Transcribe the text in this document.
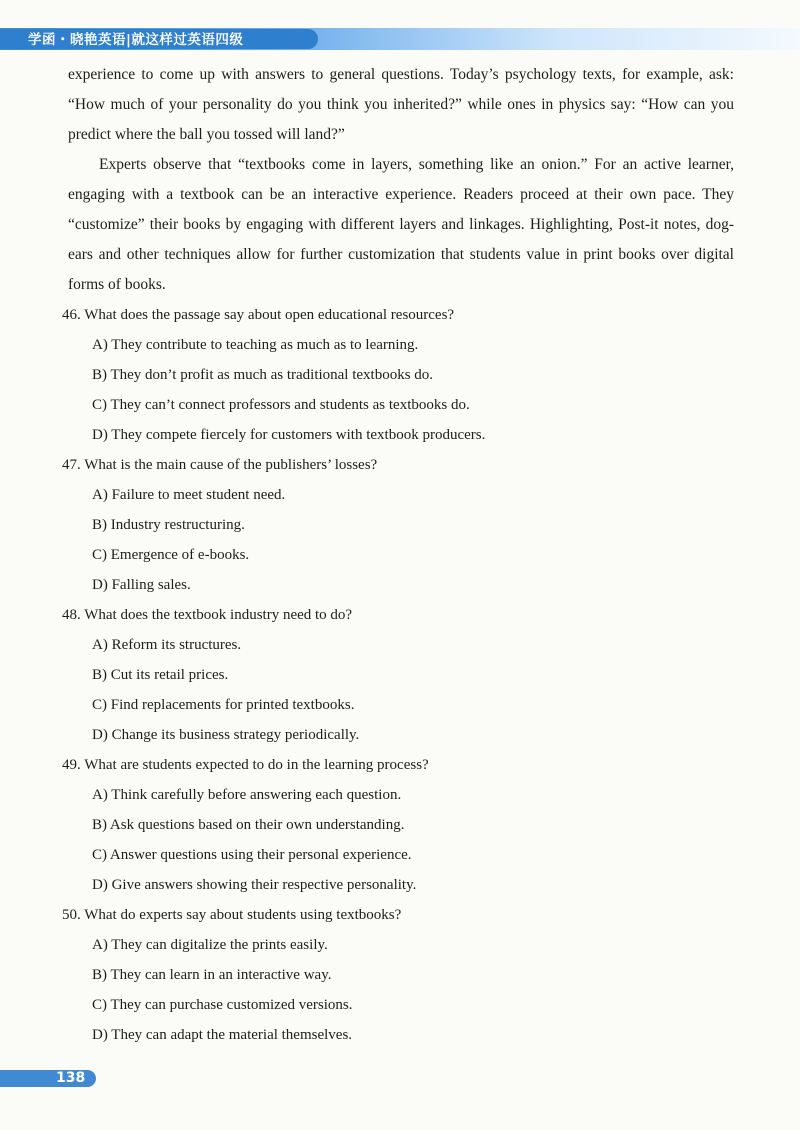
学函・晓艳英语|就这样过英语四级

experience to come up with answers to general questions. Today’s psychology texts, for example, ask: “How much of your personality do you think you inherited?” while ones in physics say: “How can you predict where the ball you tossed will land?”

Experts observe that “textbooks come in layers, something like an onion.” For an active learner, engaging with a textbook can be an interactive experience. Readers proceed at their own pace. They “customize” their books by engaging with different layers and linkages. Highlighting, Post-it notes, dog-ears and other techniques allow for further customization that students value in print books over digital forms of books.

46. What does the passage say about open educational resources?

A) They contribute to teaching as much as to learning.

B) They don’t profit as much as traditional textbooks do.

C) They can’t connect professors and students as textbooks do.

D) They compete fiercely for customers with textbook producers.

47. What is the main cause of the publishers’ losses?

A) Failure to meet student need.

B) Industry restructuring.

C) Emergence of e-books.

D) Falling sales.

48. What does the textbook industry need to do?

A) Reform its structures.

B) Cut its retail prices.

C) Find replacements for printed textbooks.

D) Change its business strategy periodically.

49. What are students expected to do in the learning process?

A) Think carefully before answering each question.

B) Ask questions based on their own understanding.

C) Answer questions using their personal experience.

D) Give answers showing their respective personality.

50. What do experts say about students using textbooks?

A) They can digitalize the prints easily.

B) They can learn in an interactive way.

C) They can purchase customized versions.

D) They can adapt the material themselves.

138
